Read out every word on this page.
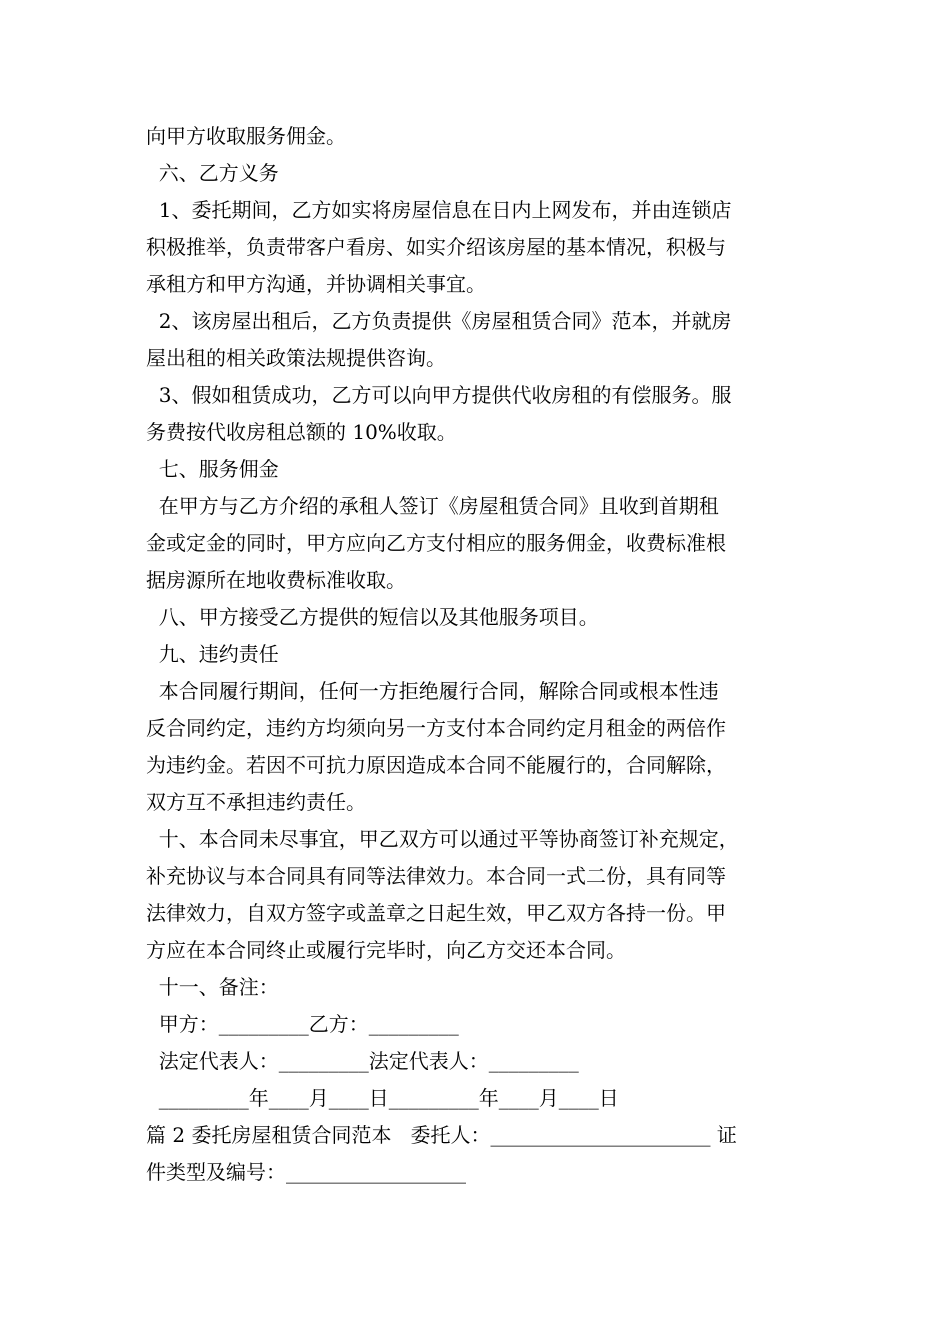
向甲方收取服务佣金。
六、乙方义务
1、委托期间，乙方如实将房屋信息在日内上网发布，并由连锁店
积极推举，负责带客户看房、如实介绍该房屋的基本情况，积极与
承租方和甲方沟通，并协调相关事宜。
2、该房屋出租后，乙方负责提供《房屋租赁合同》范本，并就房
屋出租的相关政策法规提供咨询。
3、假如租赁成功，乙方可以向甲方提供代收房租的有偿服务。服
务费按代收房租总额的 10%收取。
七、服务佣金
在甲方与乙方介绍的承租人签订《房屋租赁合同》且收到首期租
金或定金的同时，甲方应向乙方支付相应的服务佣金，收费标准根
据房源所在地收费标准收取。
八、甲方接受乙方提供的短信以及其他服务项目。
九、违约责任
本合同履行期间，任何一方拒绝履行合同，解除合同或根本性违
反合同约定，违约方均须向另一方支付本合同约定月租金的两倍作
为违约金。若因不可抗力原因造成本合同不能履行的，合同解除，
双方互不承担违约责任。
十、本合同未尽事宜，甲乙双方可以通过平等协商签订补充规定，
补充协议与本合同具有同等法律效力。本合同一式二份，具有同等
法律效力，自双方签字或盖章之日起生效，甲乙双方各持一份。甲
方应在本合同终止或履行完毕时，向乙方交还本合同。
十一、备注：
甲方：_________乙方：_________
法定代表人：_________法定代表人：_________
_________年____月____日_________年____月____日
篇 2 委托房屋租赁合同范本   委托人：______________________ 证
件类型及编号：__________________
